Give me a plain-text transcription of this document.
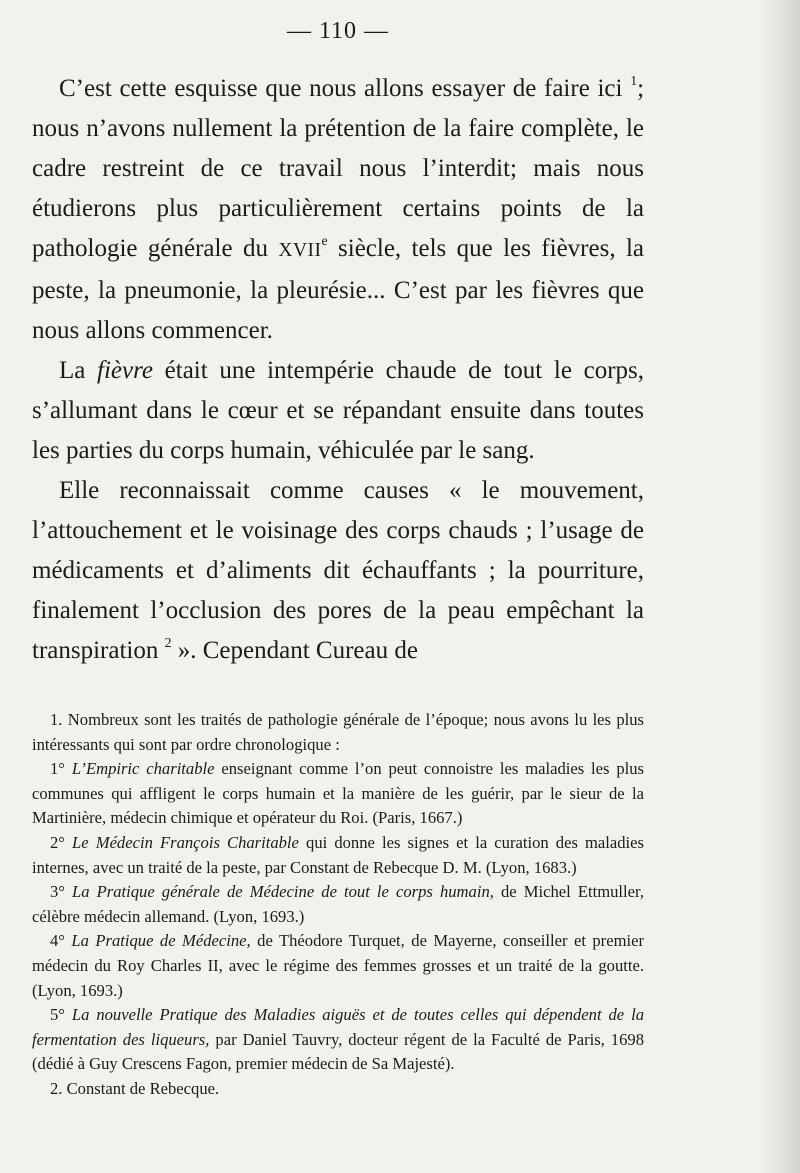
— 110 —

C’est cette esquisse que nous allons essayer de faire ici $^1$; nous n’avons nullement la prétention de la faire complète, le cadre restreint de ce travail nous l’interdit; mais nous étudierons plus particulièrement certains points de la pathologie générale du XVIIe siècle, tels que les fièvres, la peste, la pneumonie, la pleurésie... C’est par les fièvres que nous allons commencer.

La fièvre était une intempérie chaude de tout le corps, s’allumant dans le cœur et se répandant ensuite dans toutes les parties du corps humain, véhiculée par le sang.

Elle reconnaissait comme causes « le mouvement, l’attouchement et le voisinage des corps chauds ; l’usage de médicaments et d’aliments dit échauffants ; la pourriture, finalement l’occlusion des pores de la peau empêchant la transpiration $^2$ ». Cependant Cureau de

1. Nombreux sont les traités de pathologie générale de l’époque; nous avons lu les plus intéressants qui sont par ordre chronologique :

1° L’Empiric charitable enseignant comme l’on peut connoistre les maladies les plus communes qui affligent le corps humain et la manière de les guérir, par le sieur de la Martinière, médecin chimique et opérateur du Roi. (Paris, 1667.)

2° Le Médecin François Charitable qui donne les signes et la curation des maladies internes, avec un traité de la peste, par Constant de Rebecque D. M. (Lyon, 1683.)

3° La Pratique générale de Médecine de tout le corps humain, de Michel Ettmuller, célèbre médecin allemand. (Lyon, 1693.)

4° La Pratique de Médecine, de Théodore Turquet, de Mayerne, conseiller et premier médecin du Roy Charles II, avec le régime des femmes grosses et un traité de la goutte. (Lyon, 1693.)

5° La nouvelle Pratique des Maladies aiguës et de toutes celles qui dépendent de la fermentation des liqueurs, par Daniel Tauvry, docteur régent de la Faculté de Paris, 1698 (dédié à Guy Crescens Fagon, premier médecin de Sa Majesté).

2. Constant de Rebecque.
